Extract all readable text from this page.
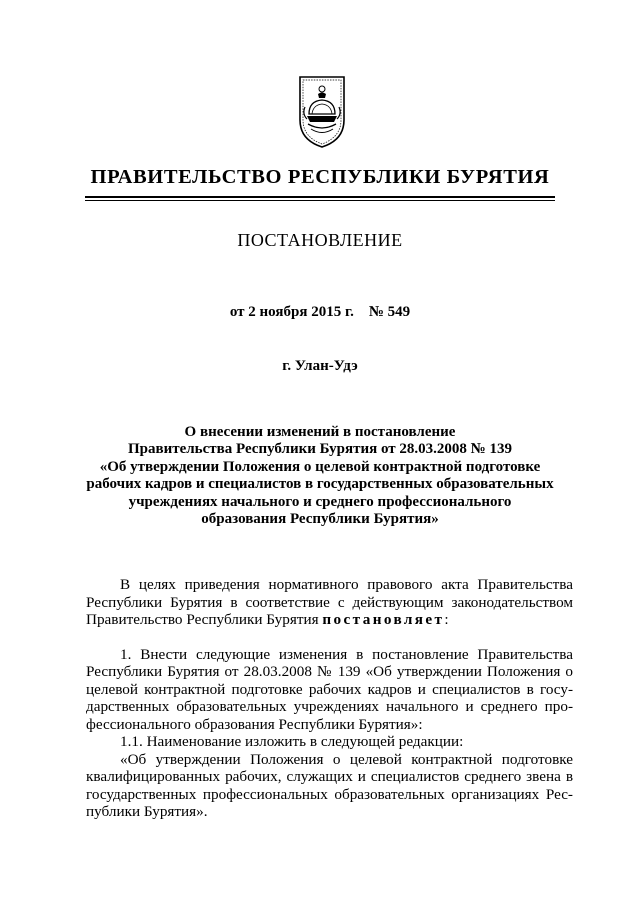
ПРАВИТЕЛЬСТВО РЕСПУБЛИКИ БУРЯТИЯ
ПОСТАНОВЛЕНИЕ
от 2 ноября 2015 г.    № 549
г. Улан-Удэ
О внесении изменений в постановление
Правительства Республики Бурятия от 28.03.2008 № 139
«Об утверждении Положения о целевой контрактной подготовке
рабочих кадров и специалистов в государственных образовательных
учреждениях начального и среднего профессионального
образования Республики Бурятия»
В целях приведения нормативного правового акта Правительства
Республики Бурятия в соответствие с действующим законодательством
Правительство Республики Бурятия постановляет:
1. Внести следующие изменения в постановление Правительства
Республики Бурятия от 28.03.2008 № 139 «Об утверждении Положения о
целевой контрактной подготовке рабочих кадров и специалистов в госу-
дарственных образовательных учреждениях начального и среднего про-
фессионального образования Республики Бурятия»:
1.1. Наименование изложить в следующей редакции:
«Об утверждении Положения о целевой контрактной подготовке
квалифицированных рабочих, служащих и специалистов среднего звена в
государственных профессиональных образовательных организациях Рес-
публики Бурятия».
